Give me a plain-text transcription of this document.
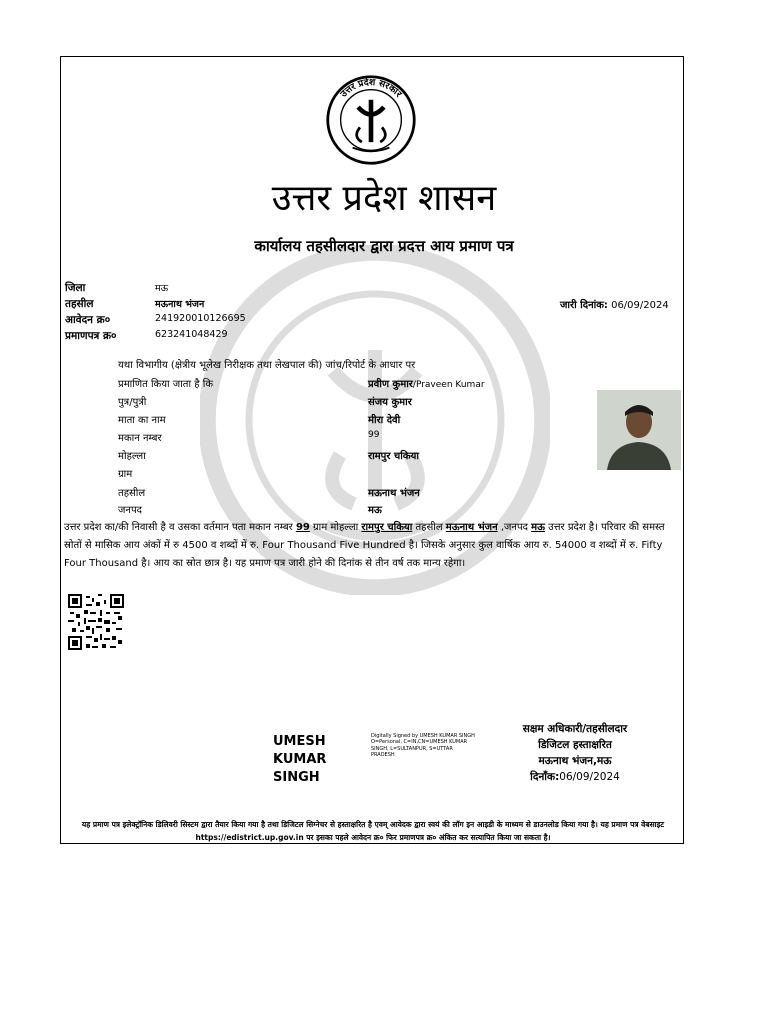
उत्तर प्रदेश सरकार
उत्तर प्रदेश शासन
कार्यालय तहसीलदार द्वारा प्रदत्त आय प्रमाण पत्र
जिला	मऊ
तहसील	मऊनाथ भंजन
आवेदन क्र०	241920010126695
प्रमाणपत्र क्र०	623241048429
जारी दिनांक: 06/09/2024
यथा विभागीय (क्षेत्रीय भूलेख निरीक्षक तथा लेखपाल की) जांच/रिपोर्ट के आधार पर
प्रमाणित किया जाता है कि	प्रवीण कुमार/Praveen Kumar
पुत्र/पुत्री	संजय कुमार
माता का नाम	मीरा देवी
मकान नम्बर	99
मोहल्ला	रामपुर चकिया
ग्राम
तहसील	मऊनाथ भंजन
जनपद	मऊ
उत्तर प्रदेश का/की निवासी है व उसका वर्तमान पता मकान नम्बर 99 ग्राम मोहल्ला रामपुर चकिया तहसील मऊनाथ भंजन ,जनपद मऊ उत्तर प्रदेश है। परिवार की समस्त स्रोतों से मासिक आय अंकों में रु 4500 व शब्दों में रु. Four Thousand Five Hundred है। जिसके अनुसार कुल वार्षिक आय रु. 54000 व शब्दों में रु. Fifty Four Thousand है। आय का स्रोत छात्र है। यह प्रमाण पत्र जारी होने की दिनांक से तीन वर्ष तक मान्य रहेगा।
UMESH KUMAR SINGH
Digitally Signed by UMESH KUMAR SINGH O=Personal, C=IN,CN=UMESH KUMAR SINGH, L=SULTANPUR, S=UTTAR PRADESH
सक्षम अधिकारी/तहसीलदार
डिजिटल हस्ताक्षरित
मऊनाथ भंजन,मऊ
दिनाँक:06/09/2024
यह प्रमाण पत्र इलेक्ट्रॉनिक डिलिवरी सिस्टम द्वारा तैयार किया गया है तथा डिजिटल सिग्नेचर से हस्ताक्षरित है एवम् आवेदक द्वारा स्वयं की लॉग इन आइडी के माध्यम से डाउनलोड किया गया है। यह प्रमाण पत्र वेबसाइट https://edistrict.up.gov.in पर इसका पहले आवेदन क्र० फिर प्रमाणपत्र क्र० अंकित कर सत्यापित किया जा सकता है।
